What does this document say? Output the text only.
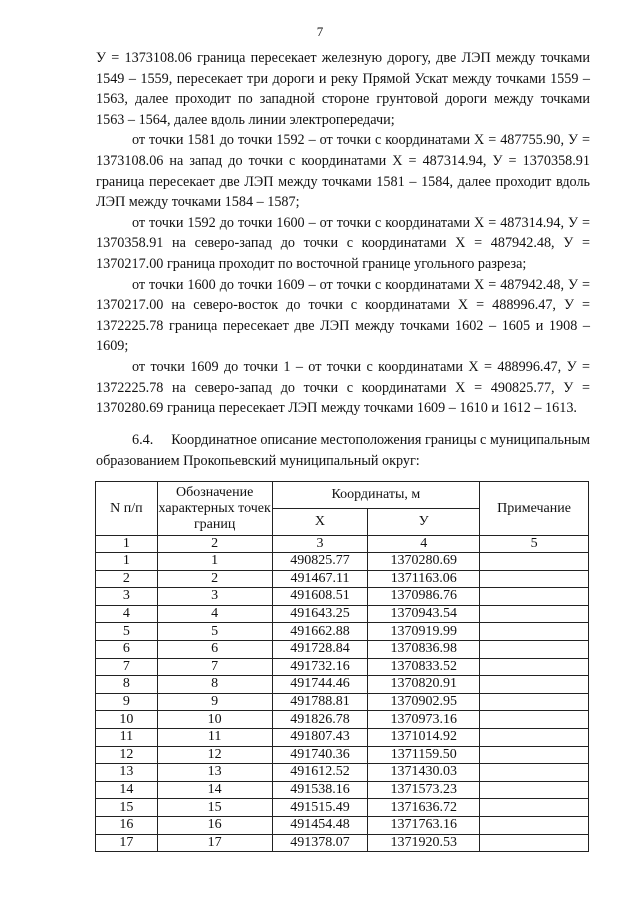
7

У = 1373108.06 граница пересекает железную дорогу, две ЛЭП между точками 1549 – 1559, пересекает три дороги и реку Прямой Ускат между точками 1559 – 1563, далее проходит по западной стороне грунтовой дороги между точками 1563 – 1564, далее вдоль линии электропередачи;

от точки 1581 до точки 1592 – от точки с координатами Х = 487755.90, У = 1373108.06 на запад до точки с координатами Х = 487314.94, У = 1370358.91 граница пересекает две ЛЭП между точками 1581 – 1584, далее проходит вдоль ЛЭП между точками 1584 – 1587;

от точки 1592 до точки 1600 – от точки с координатами Х = 487314.94, У = 1370358.91 на северо-запад до точки с координатами Х = 487942.48, У = 1370217.00 граница проходит по восточной границе угольного разреза;

от точки 1600 до точки 1609 – от точки с координатами Х = 487942.48, У = 1370217.00 на северо-восток до точки с координатами Х = 488996.47, У = 1372225.78 граница пересекает две ЛЭП между точками 1602 – 1605 и 1908 – 1609;

от точки 1609 до точки 1 – от точки с координатами Х = 488996.47, У = 1372225.78 на северо-запад до точки с координатами Х = 490825.77, У = 1370280.69 граница пересекает ЛЭП между точками 1609 – 1610 и 1612 – 1613.

6.4. Координатное описание местоположения границы с муниципальным образованием Прокопьевский муниципальный округ:
N п/п	Обозначение характерных точек границ	Координаты, м		Примечание
		X	У	
1	2	3	4	5
1	1	490825.77	1370280.69	
2	2	491467.11	1371163.06	
3	3	491608.51	1370986.76	
4	4	491643.25	1370943.54	
5	5	491662.88	1370919.99	
6	6	491728.84	1370836.98	
7	7	491732.16	1370833.52	
8	8	491744.46	1370820.91	
9	9	491788.81	1370902.95	
10	10	491826.78	1370973.16	
11	11	491807.43	1371014.92	
12	12	491740.36	1371159.50	
13	13	491612.52	1371430.03	
14	14	491538.16	1371573.23	
15	15	491515.49	1371636.72	
16	16	491454.48	1371763.16	
17	17	491378.07	1371920.53	
